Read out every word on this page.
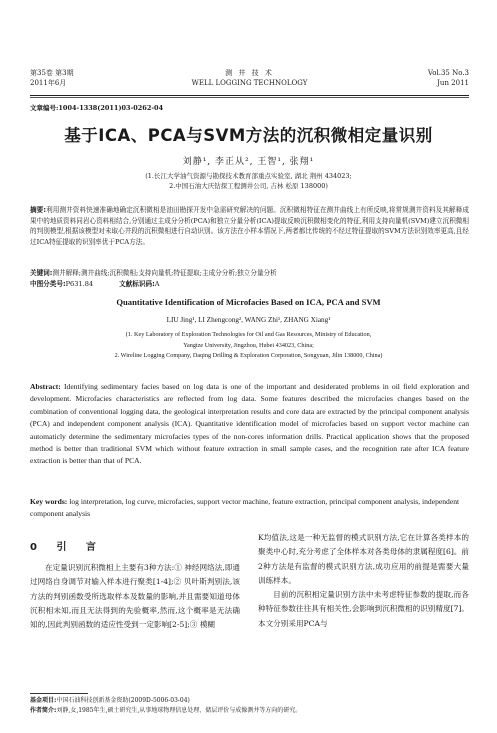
第35卷 第3期
2011年6月
测 井 技 术
WELL LOGGING TECHNOLOGY
Vol.35 No.3
Jun 2011
文章编号:1004-1338(2011)03-0262-04
基于ICA、PCA与SVM方法的沉积微相定量识别
刘静¹, 李正从², 王智¹, 张翔¹
(1.长江大学油气资源与勘探技术教育部重点实验室, 湖北 荆州 434023;
2.中国石油大庆钻探工程测井公司, 吉林 松原 138000)
摘要:利用测井资料快速准确地确定沉积微相是油田勘探开发中急需研究解决的问题。沉积微相特征在测井曲线上有所反映,将常规测井资料及其解释成果中的地质资料同岩心资料相结合,分别通过主成分分析(PCA)和独立分量分析(ICA)提取反映沉积微相变化的特征,利用支持向量机(SVM)建立沉积微相的判别模型,根据该模型对未取心井段的沉积微相进行自动识别。该方法在小样本情况下,两者都比传统的不经过特征提取的SVM方法识别效率更高,且经过ICA特征提取的识别率优于PCA方法。
关键词:测井解释;测井曲线;沉积微相;支持向量机;特征提取;主成分分析;独立分量分析
中图分类号:P631.84	文献标识码:A
Quantitative Identification of Microfacies Based on ICA, PCA and SVM
LIU Jing¹, LI Zhengcong², WANG Zhi¹, ZHANG Xiang¹
(1. Key Laboratory of Exploration Technologies for Oil and Gas Resources, Ministry of Education,
Yangtze University, Jingzhou, Hubei 434023, China;
2. Wireline Logging Company, Daqing Drilling & Exploration Corporation, Songyuan, Jilin 138000, China)
Abstract: Identifying sedimentary facies based on log data is one of the important and desiderated problems in oil field exploration and development. Microfacies characteristics are reflected from log data. Some features described the microfacies changes based on the combination of conventional logging data, the geological interpretation results and core data are extracted by the principal component analysis (PCA) and independent component analysis (ICA). Quantitative identification model of microfacies based on support vector machine can automaticly determine the sedimentary microfacies types of the non-cores information drills. Practical application shows that the proposed method is better than traditional SVM which without feature extraction in small sample cases, and the recognition rate after ICA feature extraction is better than that of PCA.
Key words: log interpretation, log curve, microfacies, support vector machine, feature extraction, principal component analysis, independent component analysis
0 引 言
在定量识别沉积微相上主要有3种方法:① 神经网络法,即通过网络自身调节对输入样本进行聚类[1-4];② 贝叶斯判别法,该方法的判别函数受所选取样本及数量的影响,并且需要知道母体沉积相未知,而且无法得到的先验概率,然而,这个概率是无法确知的,因此判别函数的适应性受到一定影响[2-5];③ 模糊
K均值法,这是一种无监督的模式识别方法,它在计算各类样本的聚类中心时,充分考虑了全体样本对各类母体的隶属程度[6]。前2种方法是有监督的模式识别方法,成功应用的前提是需要大量训练样本。
目前的沉积相定量识别方法中未考虑特征参数的提取,而各种特征参数往往具有相关性,会影响到沉积微相的识别精度[7]。本文分别采用PCA与
基金项目:中国石油科技创新基金资助(2009D-5006-03-04)
作者简介:刘静,女,1985年生,硕士研究生,从事地球物理信息处理、储层评价与成像测井等方向的研究。
